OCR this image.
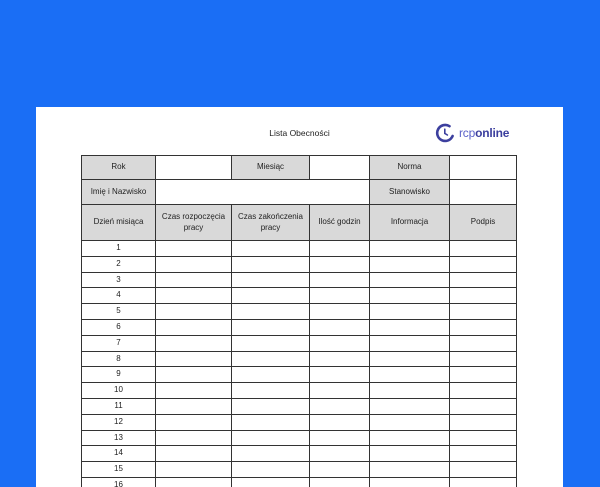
Lista Obecności	rcponline
Rok		Miesiąc		Norma	
Imię i Nazwisko				Stanowisko	
Dzień misiąca	Czas rozpoczęcia pracy	Czas zakończenia pracy	Ilość godzin	Informacja	Podpis
1					
2					
3					
4					
5					
6					
7					
8					
9					
10					
11					
12					
13					
14					
15					
16					
